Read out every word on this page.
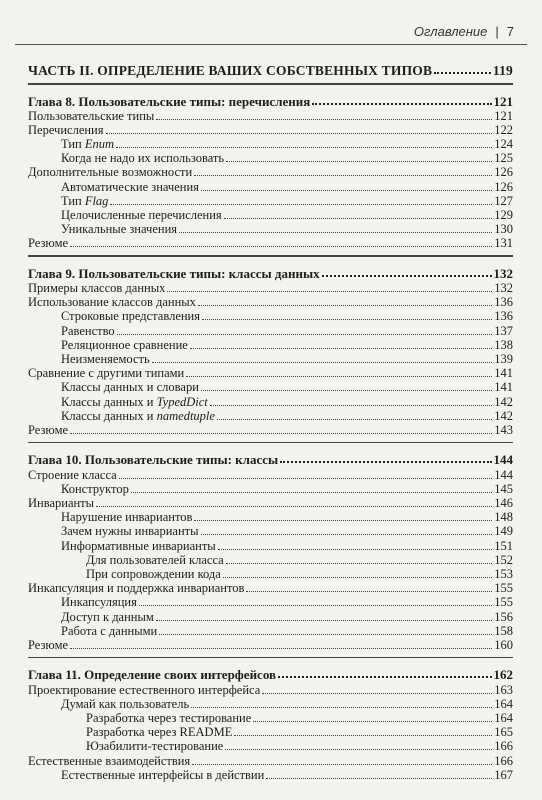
Оглавление | 7
ЧАСТЬ II. ОПРЕДЕЛЕНИЕ ВАШИХ СОБСТВЕННЫХ ТИПОВ	119
Глава 8. Пользовательские типы: перечисления	121
Пользовательские типы	121
Перечисления	122
Тип Enum	124
Когда не надо их использовать	125
Дополнительные возможности	126
Автоматические значения	126
Тип Flag	127
Целочисленные перечисления	129
Уникальные значения	130
Резюме	131
Глава 9. Пользовательские типы: классы данных	132
Примеры классов данных	132
Использование классов данных	136
Строковые представления	136
Равенство	137
Реляционное сравнение	138
Неизменяемость	139
Сравнение с другими типами	141
Классы данных и словари	141
Классы данных и TypedDict	142
Классы данных и namedtuple	142
Резюме	143
Глава 10. Пользовательские типы: классы	144
Строение класса	144
Конструктор	145
Инварианты	146
Нарушение инвариантов	148
Зачем нужны инварианты	149
Информативные инварианты	151
Для пользователей класса	152
При сопровождении кода	153
Инкапсуляция и поддержка инвариантов	155
Инкапсуляция	155
Доступ к данным	156
Работа с данными	158
Резюме	160
Глава 11. Определение своих интерфейсов	162
Проектирование естественного интерфейса	163
Думай как пользователь	164
Разработка через тестирование	164
Разработка через README	165
Юзабилити-тестирование	166
Естественные взаимодействия	166
Естественные интерфейсы в действии	167
